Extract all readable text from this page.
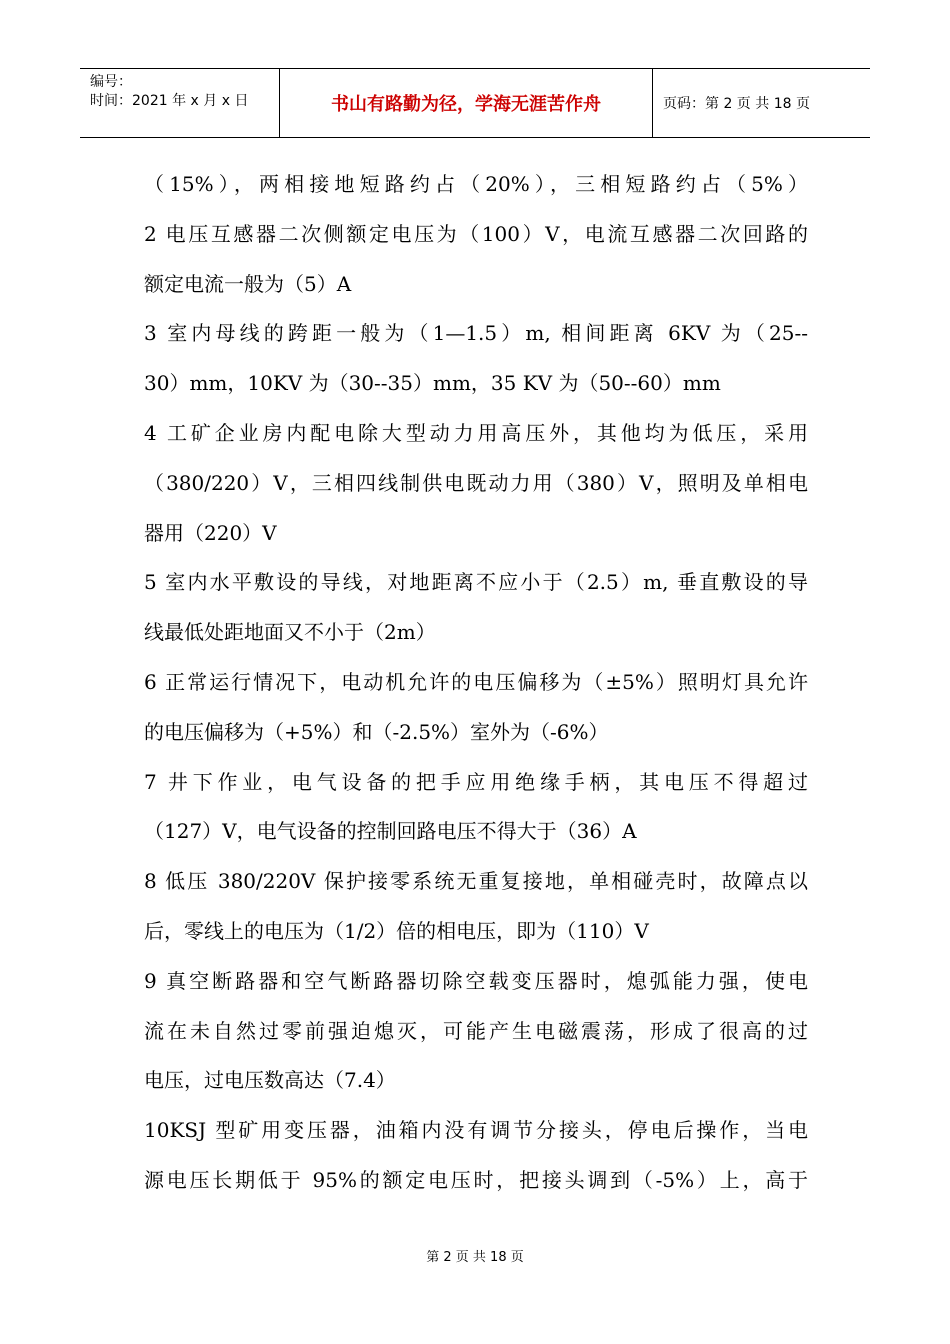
编号：
时间：2021 年 x 月 x 日	书山有路勤为径，学海无涯苦作舟	页码：第 2 页 共 18 页
（15%），两相接地短路约占（20%），三相短路约占（5%）
2 电压互感器二次侧额定电压为（100）V，电流互感器二次回路的
额定电流一般为（5）A
3 室内母线的跨距一般为（1—1.5）m, 相间距离 6KV 为（25--
30）mm，10KV 为（30--35）mm，35 KV 为（50--60）mm
4 工矿企业房内配电除大型动力用高压外，其他均为低压，采用
（380/220）V，三相四线制供电既动力用（380）V，照明及单相电
器用（220）V
5 室内水平敷设的导线，对地距离不应小于（2.5）m, 垂直敷设的导
线最低处距地面又不小于（2m）
6 正常运行情况下，电动机允许的电压偏移为（±5%）照明灯具允许
的电压偏移为（+5%）和（-2.5%）室外为（-6%）
7 井下作业，电气设备的把手应用绝缘手柄，其电压不得超过
（127）V，电气设备的控制回路电压不得大于（36）A
8 低压 380/220V 保护接零系统无重复接地，单相碰壳时，故障点以
后，零线上的电压为（1/2）倍的相电压，即为（110）V
9 真空断路器和空气断路器切除空载变压器时，熄弧能力强，使电
流在未自然过零前强迫熄灭，可能产生电磁震荡，形成了很高的过
电压，过电压数高达（7.4）
10KSJ 型矿用变压器，油箱内没有调节分接头，停电后操作，当电
源电压长期低于 95%的额定电压时，把接头调到（-5%）上，高于
第 2 页 共 18 页
